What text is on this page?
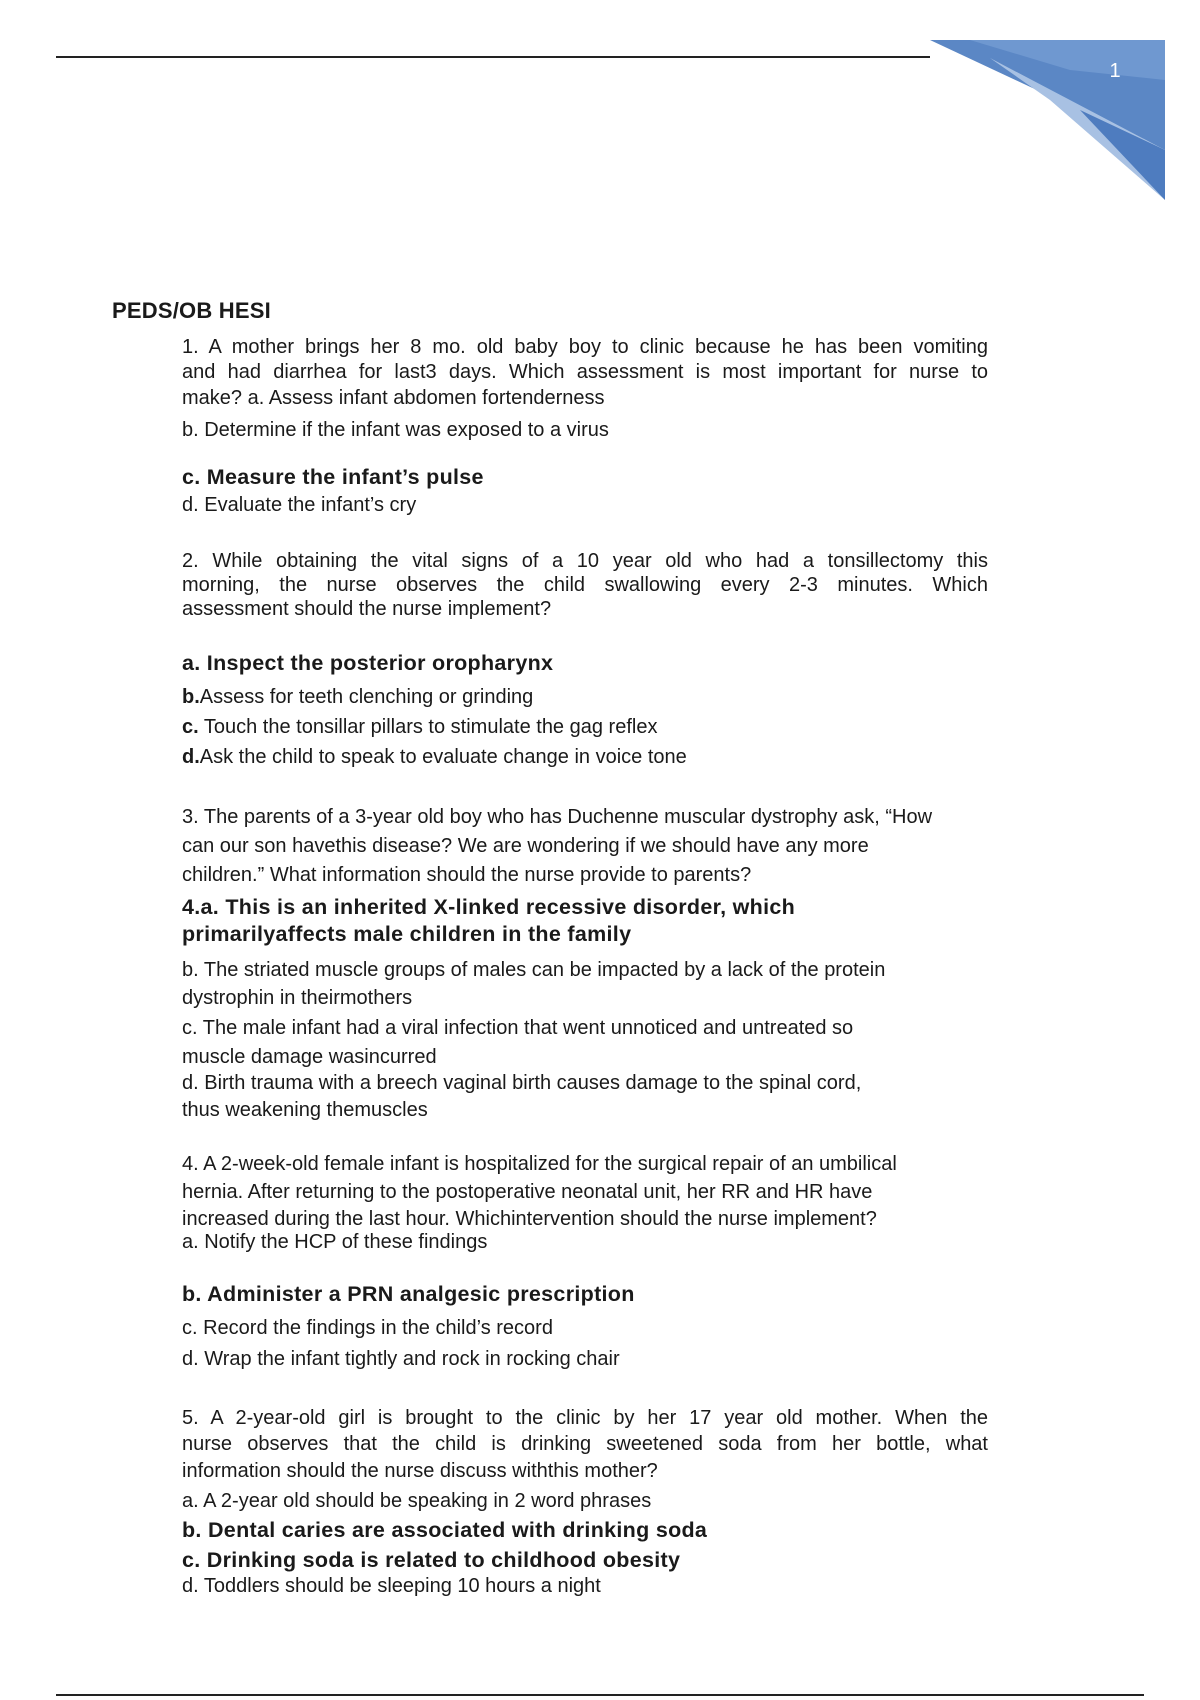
1
PEDS/OB HESI
1. A mother brings her 8 mo. old baby boy to clinic because he has been vomiting
and had diarrhea for last3 days. Which assessment is most important for nurse to
make? a. Assess infant abdomen fortenderness
b. Determine if the infant was exposed to a virus
c. Measure the infant’s pulse
d. Evaluate the infant’s cry
2. While obtaining the vital signs of a 10 year old who had a tonsillectomy this
morning, the nurse observes the child swallowing every 2-3 minutes. Which
assessment should the nurse implement?
a. Inspect the posterior oropharynx
b.Assess for teeth clenching or grinding
c. Touch the tonsillar pillars to stimulate the gag reflex
d.Ask the child to speak to evaluate change in voice tone
3. The parents of a 3-year old boy who has Duchenne muscular dystrophy ask, “How
can our son havethis disease? We are wondering if we should have any more
children.” What information should the nurse provide to parents?
4.a. This is an inherited X-linked recessive disorder, which
primarilyaffects male children in the family
b. The striated muscle groups of males can be impacted by a lack of the protein
dystrophin in theirmothers
c. The male infant had a viral infection that went unnoticed and untreated so
muscle damage wasincurred
d. Birth trauma with a breech vaginal birth causes damage to the spinal cord,
thus weakening themuscles
4. A 2-week-old female infant is hospitalized for the surgical repair of an umbilical
hernia. After returning to the postoperative neonatal unit, her RR and HR have
increased during the last hour. Whichintervention should the nurse implement?
a. Notify the HCP of these findings
b. Administer a PRN analgesic prescription
c. Record the findings in the child’s record
d. Wrap the infant tightly and rock in rocking chair
5. A 2-year-old girl is brought to the clinic by her 17 year old mother. When the
nurse observes that the child is drinking sweetened soda from her bottle, what
information should the nurse discuss withthis mother?
a. A 2-year old should be speaking in 2 word phrases
b. Dental caries are associated with drinking soda
c. Drinking soda is related to childhood obesity
d. Toddlers should be sleeping 10 hours a night
